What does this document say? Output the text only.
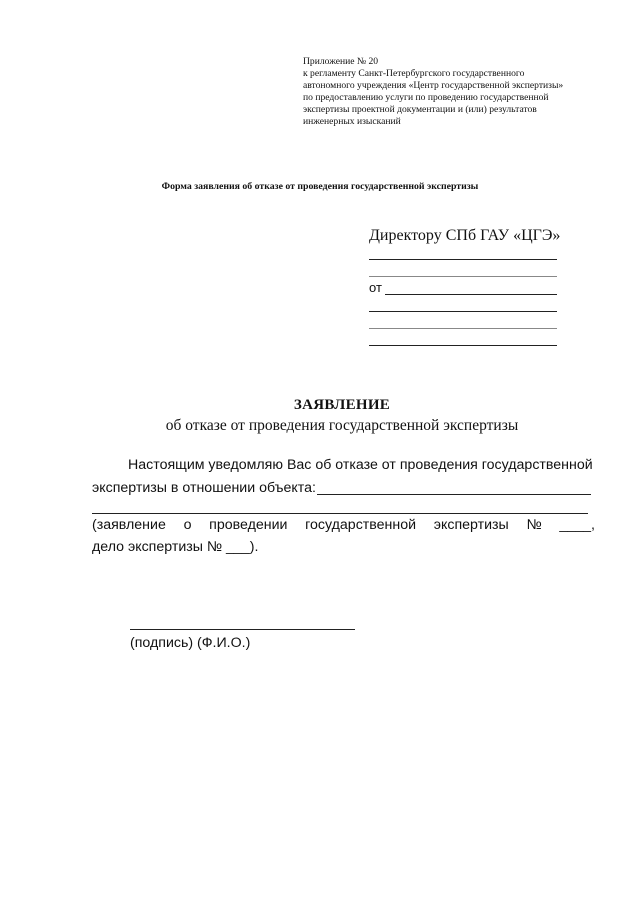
Приложение № 20
к регламенту Санкт-Петербургского государственного
автономного учреждения «Центр государственной экспертизы»
по предоставлению услуги по проведению государственной
экспертизы проектной документации и (или) результатов
инженерных изысканий
Форма заявления об отказе от проведения государственной экспертизы
Директору СПб ГАУ «ЦГЭ»
от
ЗАЯВЛЕНИЕ
об отказе от проведения государственной экспертизы
Настоящим уведомляю Вас об отказе от проведения государственной
экспертизы в отношении объекта:
(заявление о проведении государственной экспертизы № ____,
дело экспертизы № ___).
(подпись) (Ф.И.О.)
